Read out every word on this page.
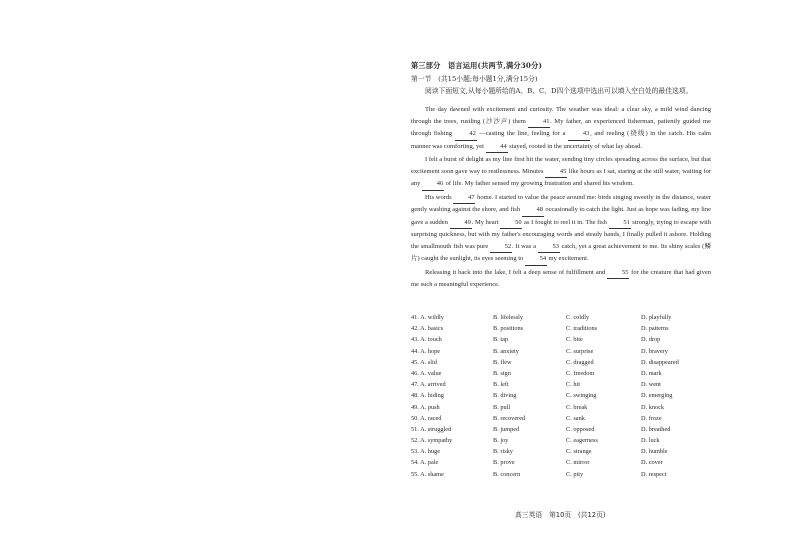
第三部分　语言运用(共两节,满分30分)
第一节　(共15小题;每小题1分,满分15分)
阅读下面短文,从每小题所给的A、B、C、D四个选项中选出可以填入空白处的最佳选项。

The day dawned with excitement and curiosity. The weather was ideal: a clear sky, a mild wind dancing through the trees, rustling (沙沙声) them 41. My father, an experienced fisherman, patiently guided me through fishing 42 —casting the line, feeling for a 43, and reeling (绕线) in the catch. His calm manner was comforting, yet 44 stayed, rooted in the uncertainty of what lay ahead.

I felt a burst of delight as my line first hit the water, sending tiny circles spreading across the surface, but that excitement soon gave way to restlessness. Minutes 45 like hours as I sat, staring at the still water, waiting for any 46 of life. My father sensed my growing frustration and shared his wisdom.

His words 47 home. I started to value the peace around me: birds singing sweetly in the distance, water gently washing against the shore, and fish 48 occasionally to catch the light. Just as hope was fading, my line gave a sudden 49. My heart 50 as I fought to reel it in. The fish 51 strongly, trying to escape with surprising quickness, but with my father's encouraging words and steady hands, I finally pulled it ashore. Holding the smallmouth fish was pure 52. It was a 53 catch, yet a great achievement to me. Its shiny scales (鳞片) caught the sunlight, its eyes seeming to 54 my excitement.

Releasing it back into the lake, I felt a deep sense of fulfillment and 55 for the creature that had given me such a meaningful experience.

41. A. wildly	B. lifelessly	C. coldly	D. playfully
42. A. basics	B. positions	C. traditions	D. patterns
43. A. touch	B. tap	C. bite	D. drop
44. A. hope	B. anxiety	C. surprise	D. bravery
45. A. slid	B. flew	C. dragged	D. disappeared
46. A. value	B. sign	C. freedom	D. mark
47. A. arrived	B. left	C. hit	D. went
48. A. hiding	B. diving	C. swinging	D. emerging
49. A. push	B. pull	C. break	D. knock
50. A. raced	B. recovered	C. sank	D. froze
51. A. struggled	B. jumped	C. opposed	D. breathed
52. A. sympathy	B. joy	C. eagerness	D. luck
53. A. huge	B. risky	C. strange	D. humble
54. A. pale	B. prove	C. mirror	D. cover
55. A. shame	B. concern	C. pity	D. respect
高三英语　第10页　(共12页)
